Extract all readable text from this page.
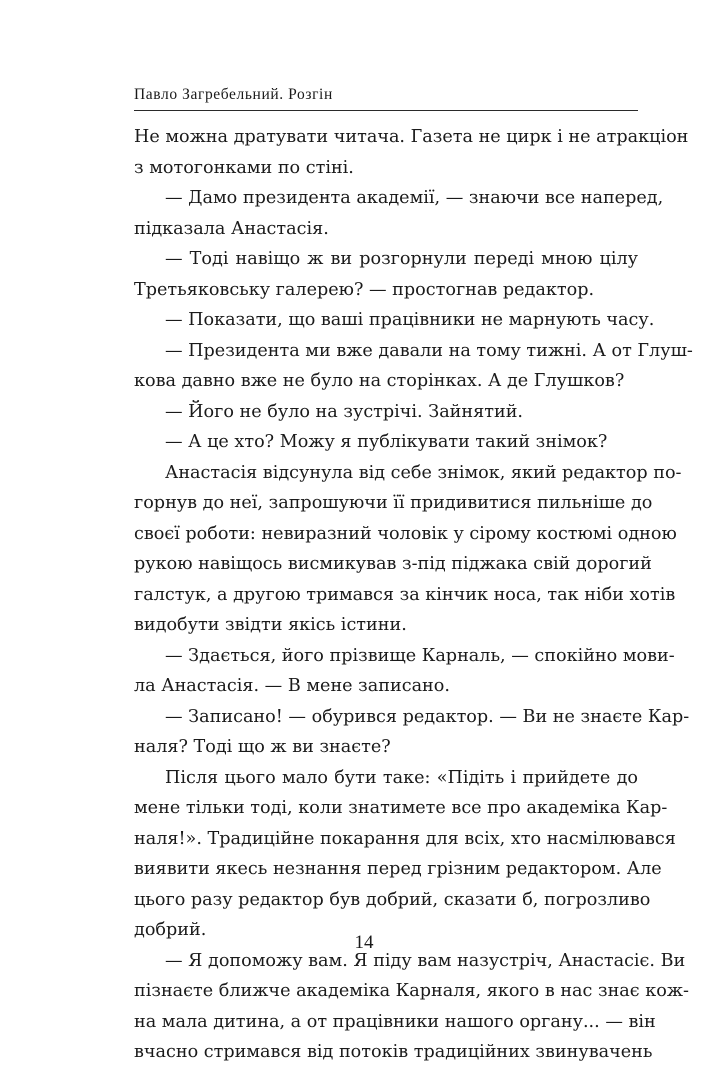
Павло Загребельний. Розгін
Не можна дратувати читача. Газета не цирк і не атракціон
з мотогонками по стіні.
— Дамо президента академії, — знаючи все наперед,
підказала Анастасія.
— Тоді навіщо ж ви розгорнули переді мною цілу
Третьяковську галерею? — простогнав редактор.
— Показати, що ваші працівники не марнують часу.
— Президента ми вже давали на тому тижні. А от Глуш-
кова давно вже не було на сторінках. А де Глушков?
— Його не було на зустрічі. Зайнятий.
— А це хто? Можу я публікувати такий знімок?
Анастасія відсунула від себе знімок, який редактор по-
горнув до неї, запрошуючи її придивитися пильніше до
своєї роботи: невиразний чоловік у сірому костюмі одною
рукою навіщось висмикував з-під піджака свій дорогий
галстук, а другою тримався за кінчик носа, так ніби хотів
видобути звідти якісь істини.
— Здається, його прізвище Карналь, — спокійно мови-
ла Анастасія. — В мене записано.
— Записано! — обурився редактор. — Ви не знаєте Кар-
наля? Тоді що ж ви знаєте?
Після цього мало бути таке: «Підіть і прийдете до
мене тільки тоді, коли знатимете все про академіка Кар-
наля!». Традиційне покарання для всіх, хто насмілювався
виявити якесь незнання перед грізним редактором. Але
цього разу редактор був добрий, сказати б, погрозливо
добрий.
— Я допоможу вам. Я піду вам назустріч, Анастасіє. Ви
пізнаєте ближче академіка Карналя, якого в нас знає кож-
на мала дитина, а от працівники нашого органу... — він
вчасно стримався від потоків традиційних звинувачень
14
